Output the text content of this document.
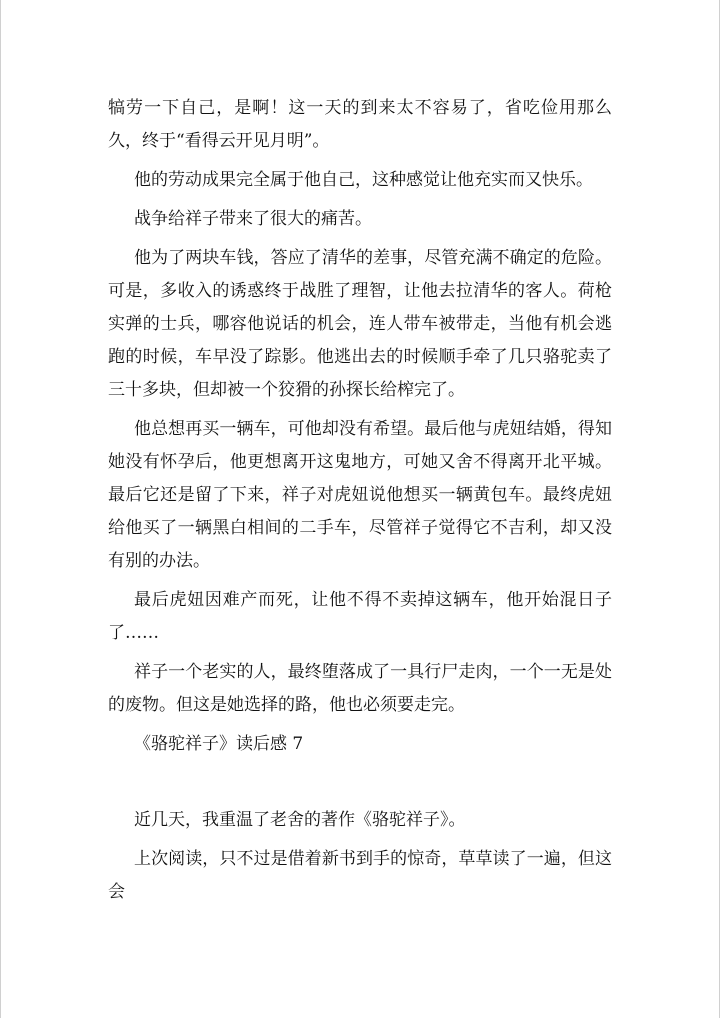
犒劳一下自己，是啊！这一天的到来太不容易了，省吃俭用那么久，终于“看得云开见月明”。

他的劳动成果完全属于他自己，这种感觉让他充实而又快乐。

战争给祥子带来了很大的痛苦。

他为了两块车钱，答应了清华的差事，尽管充满不确定的危险。可是，多收入的诱惑终于战胜了理智，让他去拉清华的客人。荷枪实弹的士兵，哪容他说话的机会，连人带车被带走，当他有机会逃跑的时候，车早没了踪影。他逃出去的时候顺手牵了几只骆驼卖了三十多块，但却被一个狡猾的孙探长给榨完了。

他总想再买一辆车，可他却没有希望。最后他与虎妞结婚，得知她没有怀孕后，他更想离开这鬼地方，可她又舍不得离开北平城。最后它还是留了下来，祥子对虎妞说他想买一辆黄包车。最终虎妞给他买了一辆黑白相间的二手车，尽管祥子觉得它不吉利，却又没有别的办法。

最后虎妞因难产而死，让他不得不卖掉这辆车，他开始混日子了……

祥子一个老实的人，最终堕落成了一具行尸走肉，一个一无是处的废物。但这是她选择的路，他也必须要走完。

《骆驼祥子》读后感 7

近几天，我重温了老舍的著作《骆驼祥子》。

上次阅读，只不过是借着新书到手的惊奇，草草读了一遍，但这会
